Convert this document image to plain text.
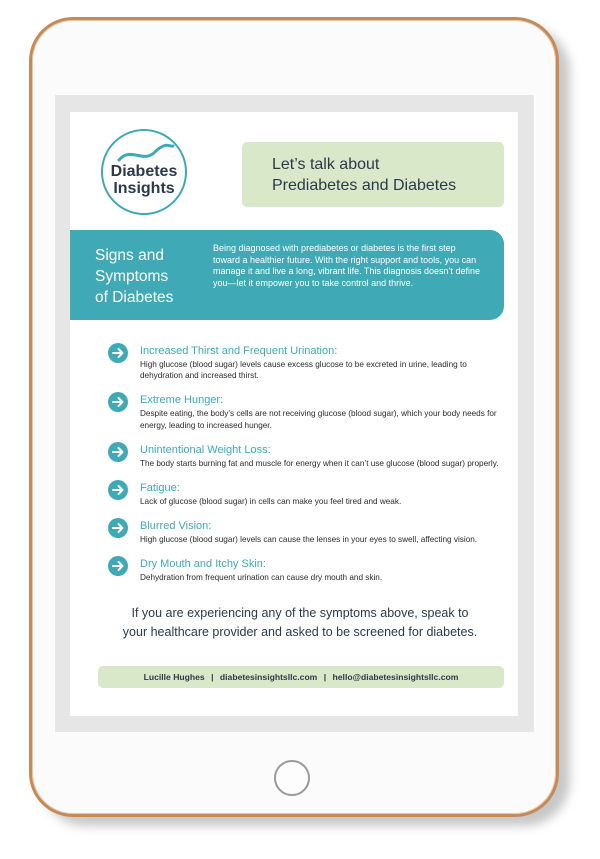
Diabetes
Insights
Let’s talk about
Prediabetes and Diabetes
Signs and
Symptoms
of Diabetes
Being diagnosed with prediabetes or diabetes is the first step toward a healthier future. With the right support and tools, you can manage it and live a long, vibrant life. This diagnosis doesn’t define you—let it empower you to take control and thrive.
Increased Thirst and Frequent Urination:
High glucose (blood sugar) levels cause excess glucose to be excreted in urine, leading to dehydration and increased thirst.
Extreme Hunger:
Despite eating, the body’s cells are not receiving glucose (blood sugar), which your body needs for energy, leading to increased hunger.
Unintentional Weight Loss:
The body starts burning fat and muscle for energy when it can’t use glucose (blood sugar) properly.
Fatigue:
Lack of glucose (blood sugar) in cells can make you feel tired and weak.
Blurred Vision:
High glucose (blood sugar) levels can cause the lenses in your eyes to swell, affecting vision.
Dry Mouth and Itchy Skin:
Dehydration from frequent urination can cause dry mouth and skin.
If you are experiencing any of the symptoms above, speak to
your healthcare provider and asked to be screened for diabetes.
Lucille Hughes | diabetesinsightsllc.com | hello@diabetesinsightsllc.com
